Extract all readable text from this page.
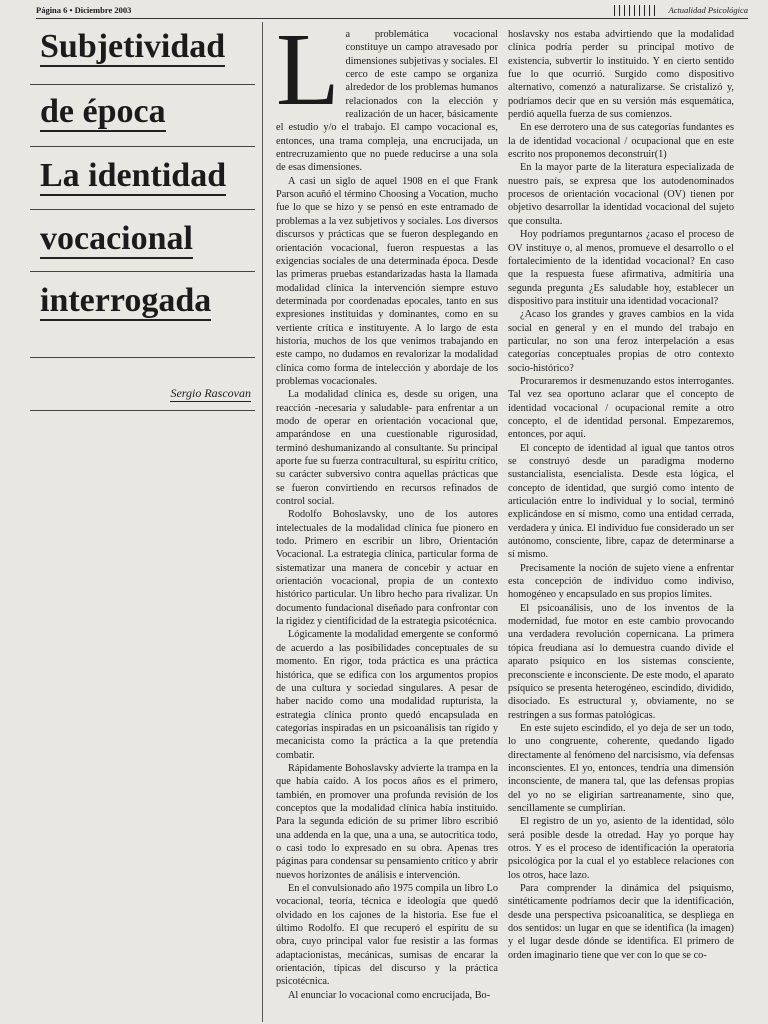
Página 6 • Diciembre 2003	Actualidad Psicológica
Subjetividad
de época
La identidad
vocacional
interrogada
Sergio Rascovan
L a problemática vocacional constituye un campo atravesado por dimensiones subjetivas y sociales. El cerco de este campo se organiza alrededor de los problemas humanos relacionados con la elección y realización de un hacer, básicamente el estudio y/o el trabajo. El campo vocacional es, entonces, una trama compleja, una encrucijada, un entrecruzamiento que no puede reducirse a una sola de esas dimensiones.

A casi un siglo de aquel 1908 en el que Frank Parson acuñó el término Choosing a Vocation, mucho fue lo que se hizo y se pensó en este entramado de problemas a la vez subjetivos y sociales. Los diversos discursos y prácticas que se fueron desplegando en orientación vocacional, fueron respuestas a las exigencias sociales de una determinada época. Desde las primeras pruebas estandarizadas hasta la llamada modalidad clínica la intervención siempre estuvo determinada por coordenadas epocales, tanto en sus expresiones instituidas y dominantes, como en su vertiente crítica e instituyente. A lo largo de esta historia, muchos de los que venimos trabajando en este campo, no dudamos en revalorizar la modalidad clínica como forma de intelección y abordaje de los problemas vocacionales.

La modalidad clínica es, desde su origen, una reacción -necesaria y saludable- para enfrentar a un modo de operar en orientación vocacional que, amparándose en una cuestionable rigurosidad, terminó deshumanizando al consultante. Su principal aporte fue su fuerza contracultural, su espíritu crítico, su carácter subversivo contra aquellas prácticas que se fueron convirtiendo en recursos refinados de control social.

Rodolfo Bohoslavsky, uno de los autores intelectuales de la modalidad clínica fue pionero en todo. Primero en escribir un libro, Orientación Vocacional. La estrategia clínica, particular forma de sistematizar una manera de concebir y actuar en orientación vocacional, propia de un contexto histórico particular. Un libro hecho para rivalizar. Un documento fundacional diseñado para confrontar con la rigidez y cientificidad de la estrategia psicotécnica.

Lógicamente la modalidad emergente se conformó de acuerdo a las posibilidades conceptuales de su momento. En rigor, toda práctica es una práctica histórica, que se edifica con los argumentos propios de una cultura y sociedad singulares. A pesar de haber nacido como una modalidad rupturista, la estrategia clínica pronto quedó encapsulada en categorías inspiradas en un psicoanálisis tan rígido y mecanicista como la práctica a la que pretendía combatir.

Rápidamente Bohoslavsky advierte la trampa en la que había caído. A los pocos años es el primero, también, en promover una profunda revisión de los conceptos que la modalidad clínica había instituido. Para la segunda edición de su primer libro escribió una addenda en la que, una a una, se autocritica todo, o casi todo lo expresado en su obra. Apenas tres páginas para condensar su pensamiento crítico y abrir nuevos horizontes de análisis e intervención.

En el convulsionado año 1975 compila un libro Lo vocacional, teoría, técnica e ideología que quedó olvidado en los cajones de la historia. Ese fue el último Rodolfo. El que recuperó el espíritu de su obra, cuyo principal valor fue resistir a las formas adaptacionistas, mecánicas, sumisas de encarar la orientación, típicas del discurso y la práctica psicotécnica.

Al enunciar lo vocacional como encrucijada, Bo-

hoslavsky nos estaba advirtiendo que la modalidad clínica podría perder su principal motivo de existencia, subvertir lo instituido. Y en cierto sentido fue lo que ocurrió. Surgido como dispositivo alternativo, comenzó a naturalizarse. Se cristalizó y, podríamos decir que en su versión más esquemática, perdió aquella fuerza de sus comienzos.

En ese derrotero una de sus categorías fundantes es la de identidad vocacional / ocupacional que en este escrito nos proponemos deconstruir(1)

En la mayor parte de la literatura especializada de nuestro país, se expresa que los autodenominados procesos de orientación vocacional (OV) tienen por objetivo desarrollar la identidad vocacional del sujeto que consulta.

Hoy podríamos preguntarnos ¿acaso el proceso de OV instituye o, al menos, promueve el desarrollo o el fortalecimiento de la identidad vocacional? En caso que la respuesta fuese afirmativa, admitiría una segunda pregunta ¿Es saludable hoy, establecer un dispositivo para instituir una identidad vocacional?

¿Acaso los grandes y graves cambios en la vida social en general y en el mundo del trabajo en particular, no son una feroz interpelación a esas categorías conceptuales propias de otro contexto socio-histórico?

Procuraremos ir desmenuzando estos interrogantes. Tal vez sea oportuno aclarar que el concepto de identidad vocacional / ocupacional remite a otro concepto, el de identidad personal. Empezaremos, entonces, por aquí.

El concepto de identidad al igual que tantos otros se construyó desde un paradigma moderno sustancialista, esencialista. Desde esta lógica, el concepto de identidad, que surgió como intento de articulación entre lo individual y lo social, terminó explicándose en sí mismo, como una entidad cerrada, verdadera y única. El individuo fue considerado un ser autónomo, consciente, libre, capaz de determinarse a sí mismo.

Precisamente la noción de sujeto viene a enfrentar esta concepción de individuo como indiviso, homogéneo y encapsulado en sus propios límites.

El psicoanálisis, uno de los inventos de la modernidad, fue motor en este cambio provocando una verdadera revolución copernicana. La primera tópica freudiana así lo demuestra cuando divide el aparato psíquico en los sistemas consciente, preconsciente e inconsciente. De este modo, el aparato psíquico se presenta heterogéneo, escindido, dividido, disociado. Es estructural y, obviamente, no se restringen a sus formas patológicas.

En este sujeto escindido, el yo deja de ser un todo, lo uno congruente, coherente, quedando ligado directamente al fenómeno del narcisismo, vía defensas inconscientes. El yo, entonces, tendría una dimensión inconsciente, de manera tal, que las defensas propias del yo no se eligirían sartreanamente, sino que, sencillamente se cumplirían.

El registro de un yo, asiento de la identidad, sólo será posible desde la otredad. Hay yo porque hay otros. Y es el proceso de identificación la operatoria psicológica por la cual el yo establece relaciones con los otros, hace lazo.

Para comprender la dinámica del psiquismo, sintéticamente podríamos decir que la identificación, desde una perspectiva psicoanalítica, se despliega en dos sentidos: un lugar en que se identifica (la imagen) y el lugar desde dónde se identifica. El primero de orden imaginario tiene que ver con lo que se co-
